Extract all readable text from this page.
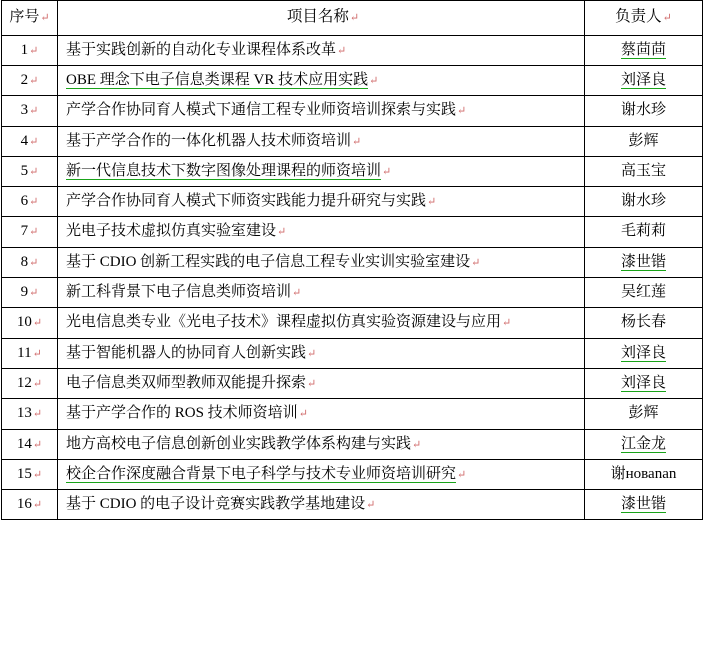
序号↵	项目名称↵	负责人↵

1↵	基于实践创新的自动化专业课程体系改革↵	蔡茴茴

2↵	OBE 理念下电子信息类课程 VR 技术应用实践↵	刘泽良

3↵	产学合作协同育人模式下通信工程专业师资培训探索与实践↵	谢水珍

4↵	基于产学合作的一体化机器人技术师资培训↵	彭辉

5↵	新一代信息技术下数字图像处理课程的师资培训↵	高玉宝

6↵	产学合作协同育人模式下师资实践能力提升研究与实践↵	谢水珍

7↵	光电子技术虚拟仿真实验室建设↵	毛莉莉

8↵	基于 CDIO 创新工程实践的电子信息工程专业实训实验室建设↵	漆世锴

9↵	新工科背景下电子信息类师资培训↵	吴红莲

10↵	光电信息类专业《光电子技术》课程虚拟仿真实验资源建设与应用↵	杨长春

11↵	基于智能机器人的协同育人创新实践↵	刘泽良

12↵	电子信息类双师型教师双能提升探索↵	刘泽良

13↵	基于产学合作的 ROS 技术师资培训↵	彭辉

14↵	地方高校电子信息创新创业实践教学体系构建与实践↵	江金龙

15↵	校企合作深度融合背景下电子科学与技术专业师资培训研究↵	谢новаnan

16↵	基于 CDIO 的电子设计竞赛实践教学基地建设↵	漆世锴
